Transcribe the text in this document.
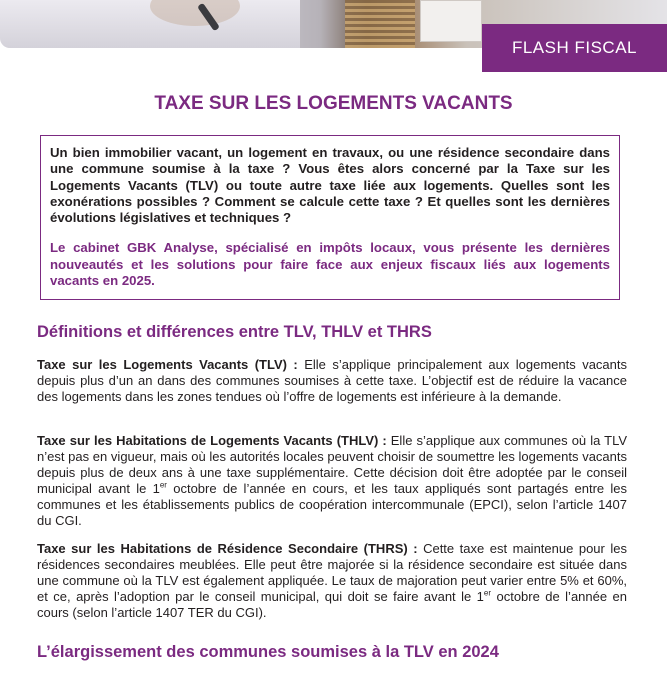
FLASH FISCAL
TAXE SUR LES LOGEMENTS VACANTS

Un bien immobilier vacant, un logement en travaux, ou une résidence secondaire dans une commune soumise à la taxe ? Vous êtes alors concerné par la Taxe sur les Logements Vacants (TLV) ou toute autre taxe liée aux logements. Quelles sont les exonérations possibles ? Comment se calcule cette taxe ? Et quelles sont les dernières évolutions législatives et techniques ?

Le cabinet GBK Analyse, spécialisé en impôts locaux, vous présente les dernières nouveautés et les solutions pour faire face aux enjeux fiscaux liés aux logements vacants en 2025.

Définitions et différences entre TLV, THLV et THRS

Taxe sur les Logements Vacants (TLV) : Elle s’applique principalement aux logements vacants depuis plus d’un an dans des communes soumises à cette taxe. L’objectif est de réduire la vacance des logements dans les zones tendues où l’offre de logements est inférieure à la demande.

Taxe sur les Habitations de Logements Vacants (THLV) : Elle s’applique aux communes où la TLV n’est pas en vigueur, mais où les autorités locales peuvent choisir de soumettre les logements vacants depuis plus de deux ans à une taxe supplémentaire. Cette décision doit être adoptée par le conseil municipal avant le 1er octobre de l’année en cours, et les taux appliqués sont partagés entre les communes et les établissements publics de coopération intercommunale (EPCI), selon l’article 1407 du CGI.

Taxe sur les Habitations de Résidence Secondaire (THRS) : Cette taxe est maintenue pour les résidences secondaires meublées. Elle peut être majorée si la résidence secondaire est située dans une commune où la TLV est également appliquée. Le taux de majoration peut varier entre 5% et 60%, et ce, après l’adoption par le conseil municipal, qui doit se faire avant le 1er octobre de l’année en cours (selon l’article 1407 TER du CGI).

L’élargissement des communes soumises à la TLV en 2024
